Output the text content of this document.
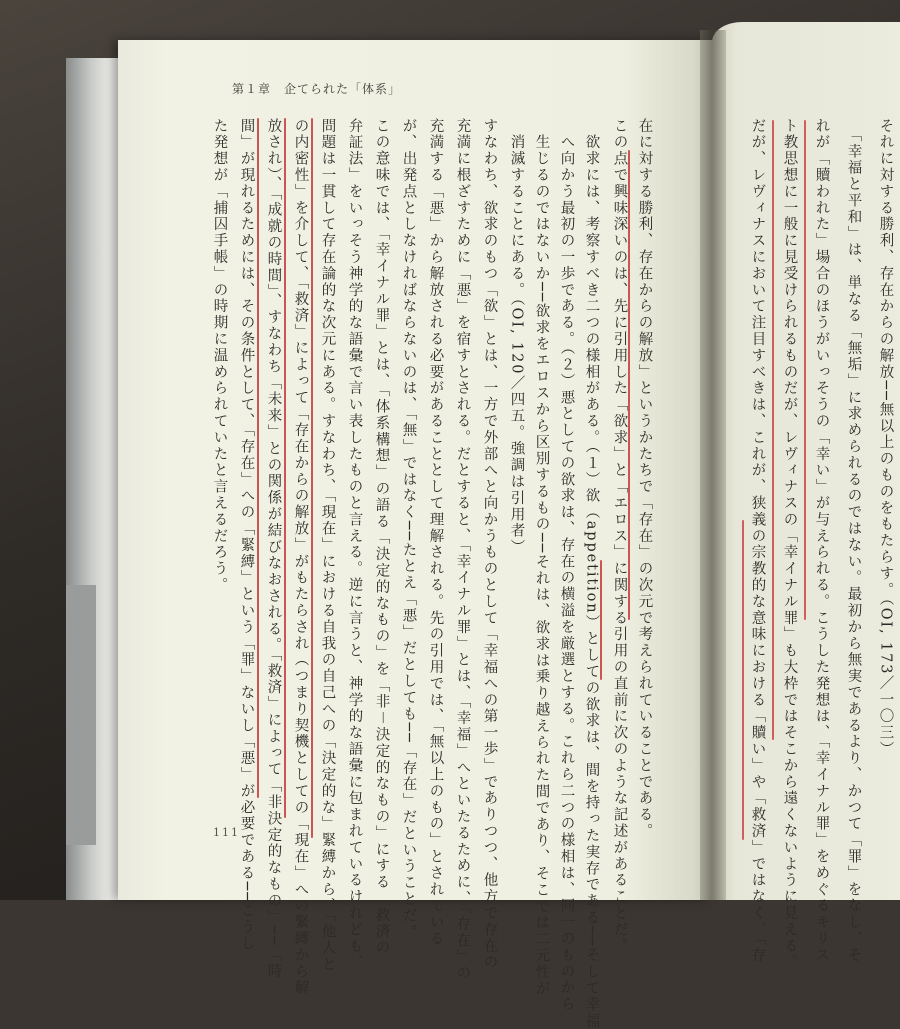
第１章　企てられた「体系」
111
それに対する勝利、存在からの解放──無以上のものをもたらす。（OI, 173／一〇三）
　「幸福と平和」は、単なる「無垢」に求められるのではない。最初から無実であるより、かつて「罪」をなし、そ
れが「贖われた」場合のほうがいっそうの「幸い」が与えられる。こうした発想は、「幸イナル罪」をめぐるキリス
ト教思想に一般に見受けられるものだが、レヴィナスの「幸イナル罪」も大枠ではそこから遠くないように見える。
だが、レヴィナスにおいて注目すべきは、これが、狭義の宗教的な意味における「贖い」や「救済」ではなく、「存
在に対する勝利、存在からの解放」というかたちで「存在」の次元で考えられていることである。
この点で興味深いのは、先に引用した「欲求」と「エロス」に関する引用の直前に次のような記述があることだ。
　欲求には、考察すべき二つの様相がある。（１）欲（appetition）としての欲求は、間を持った実存である──そして幸福
　へ向かう最初の一歩である。（２）悪としての欲求は、存在の横溢を厳選とする。これら二つの様相は、同一のものから
　生じるのではないか──欲求をエロスから区別するもの──それは、欲求は乗り越えられた間であり、そこでは二元性が
　消滅することにある。（OI, 120／四五。強調は引用者）
すなわち、欲求のもつ「欲」とは、一方で外部へと向かうものとして「幸福への第一歩」でありつつ、他方で存在の
充満に根ざすために「悪」を宿すとされる。だとすると、「幸イナル罪」とは、「幸福」へといたるために、「存在」の
充満する「悪」から解放される必要があることとして理解される。先の引用では、「無以上のもの」とされている
が、出発点としなければならないのは、「無」ではなく──たとえ「悪」だとしても──「存在」だということだ。
この意味では、「幸イナル罪」とは、「体系構想」の語る「決定的なもの」を「非－決定的なもの」にする「救済の
弁証法」をいっそう神学的な語彙で言い表したものと言える。逆に言うと、神学的な語彙に包まれているけれども、
問題は一貫して存在論的な次元にある。すなわち、「現在」における自我の自己への「決定的な」緊縛から、「他人と
の内密性」を介して、「救済」によって「存在からの解放」がもたらされ（つまり契機としての「現在」への緊縛から解
放され）、「成就の時間」、すなわち「未来」との関係が結びなおされる。「救済」によって「非決定的なもの」──「時
間」が現れるためには、その条件として、「存在」への「緊縛」という「罪」ないし「悪」が必要である──こうし
た発想が「捕囚手帳」の時期に温められていたと言えるだろう。
